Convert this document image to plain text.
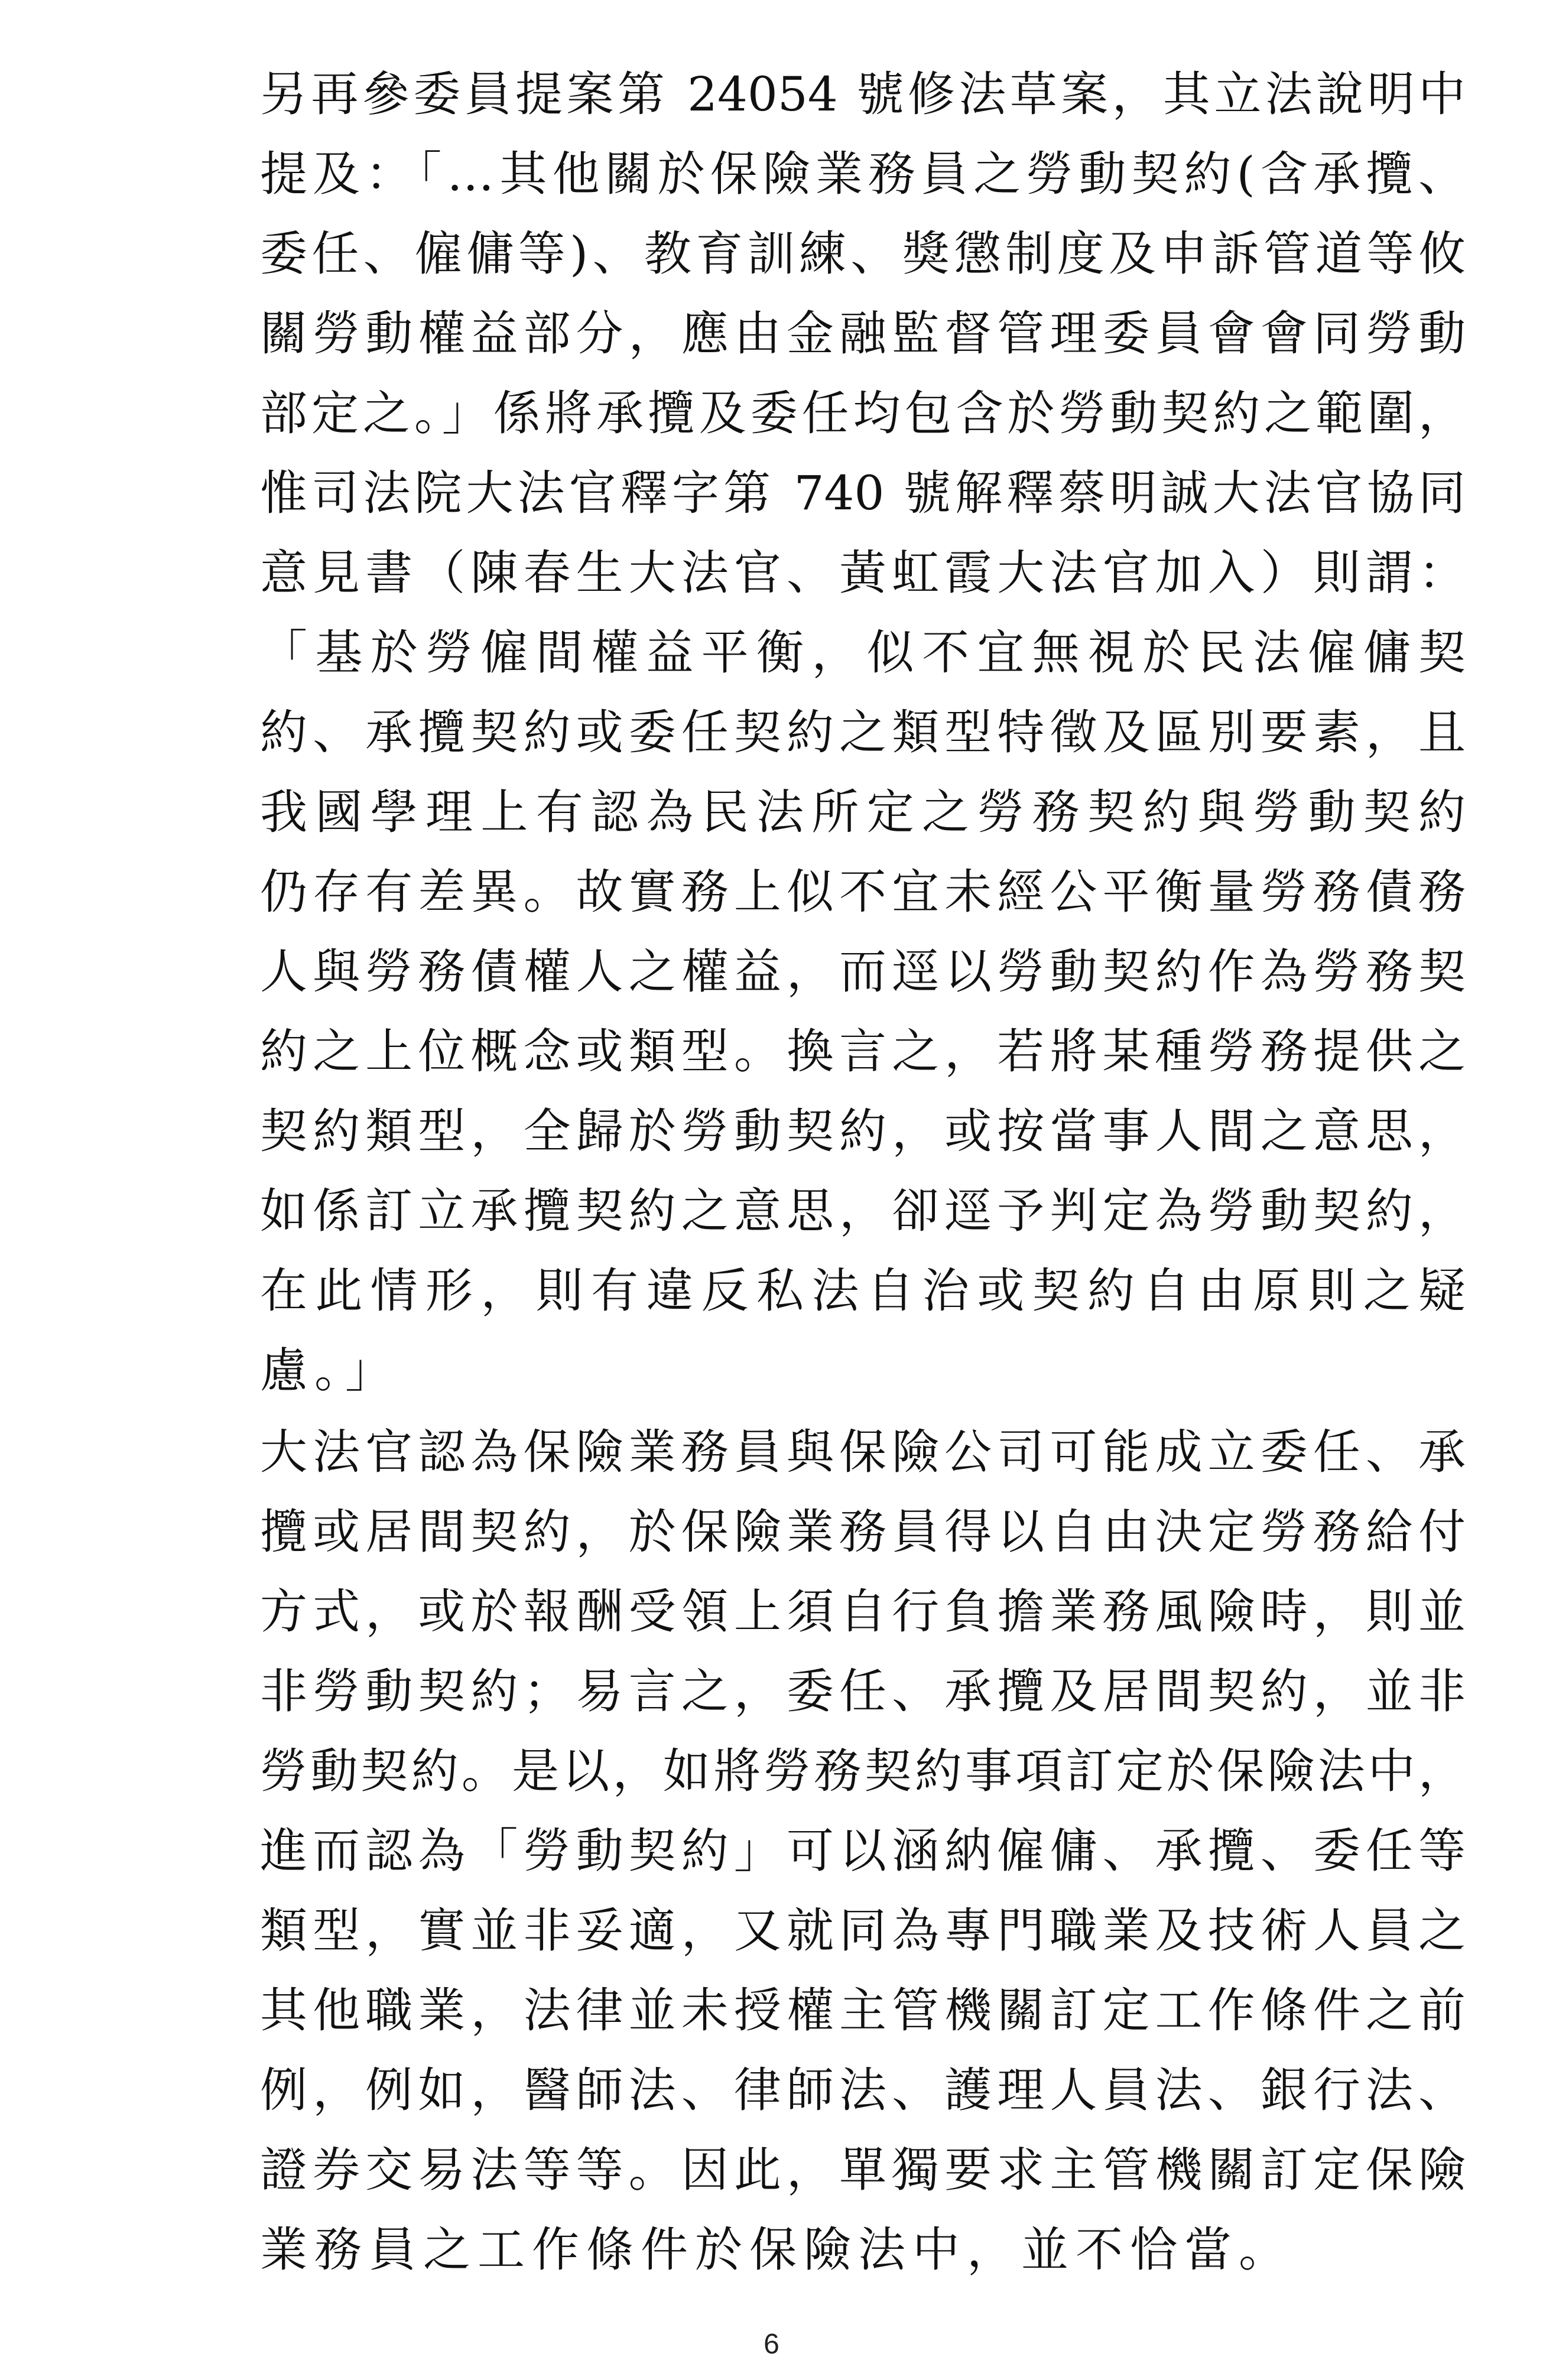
另再參委員提案第 24054 號修法草案，其立法說明中
提及：「…其他關於保險業務員之勞動契約(含承攬、
委任、僱傭等)、教育訓練、獎懲制度及申訴管道等攸
關勞動權益部分，應由金融監督管理委員會會同勞動
部定之。」係將承攬及委任均包含於勞動契約之範圍，
惟司法院大法官釋字第 740 號解釋蔡明誠大法官協同
意見書（陳春生大法官、黃虹霞大法官加入）則謂：
「基於勞僱間權益平衡，似不宜無視於民法僱傭契
約、承攬契約或委任契約之類型特徵及區別要素，且
我國學理上有認為民法所定之勞務契約與勞動契約
仍存有差異。故實務上似不宜未經公平衡量勞務債務
人與勞務債權人之權益，而逕以勞動契約作為勞務契
約之上位概念或類型。換言之，若將某種勞務提供之
契約類型，全歸於勞動契約，或按當事人間之意思，
如係訂立承攬契約之意思，卻逕予判定為勞動契約，
在此情形，則有違反私法自治或契約自由原則之疑
慮。」
大法官認為保險業務員與保險公司可能成立委任、承
攬或居間契約，於保險業務員得以自由決定勞務給付
方式，或於報酬受領上須自行負擔業務風險時，則並
非勞動契約；易言之，委任、承攬及居間契約，並非
勞動契約。是以，如將勞務契約事項訂定於保險法中，
進而認為「勞動契約」可以涵納僱傭、承攬、委任等
類型，實並非妥適，又就同為專門職業及技術人員之
其他職業，法律並未授權主管機關訂定工作條件之前
例，例如，醫師法、律師法、護理人員法、銀行法、
證券交易法等等。因此，單獨要求主管機關訂定保險
業務員之工作條件於保險法中，並不恰當。
6
